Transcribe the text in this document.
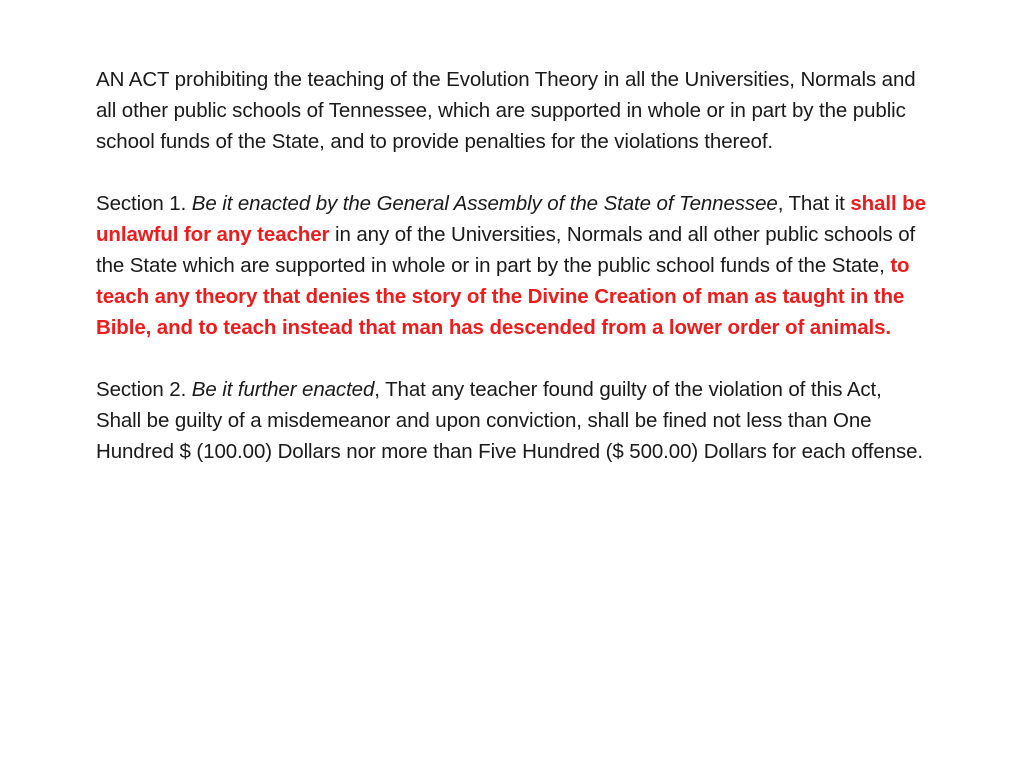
AN ACT prohibiting the teaching of the Evolution Theory in all the Universities, Normals and all other public schools of Tennessee, which are supported in whole or in part by the public school funds of the State, and to provide penalties for the violations thereof.

Section 1. Be it enacted by the General Assembly of the State of Tennessee, That it shall be unlawful for any teacher in any of the Universities, Normals and all other public schools of the State which are supported in whole or in part by the public school funds of the State, to teach any theory that denies the story of the Divine Creation of man as taught in the Bible, and to teach instead that man has descended from a lower order of animals.

Section 2. Be it further enacted, That any teacher found guilty of the violation of this Act, Shall be guilty of a misdemeanor and upon conviction, shall be fined not less than One Hundred $ (100.00) Dollars nor more than Five Hundred ($ 500.00) Dollars for each offense.
